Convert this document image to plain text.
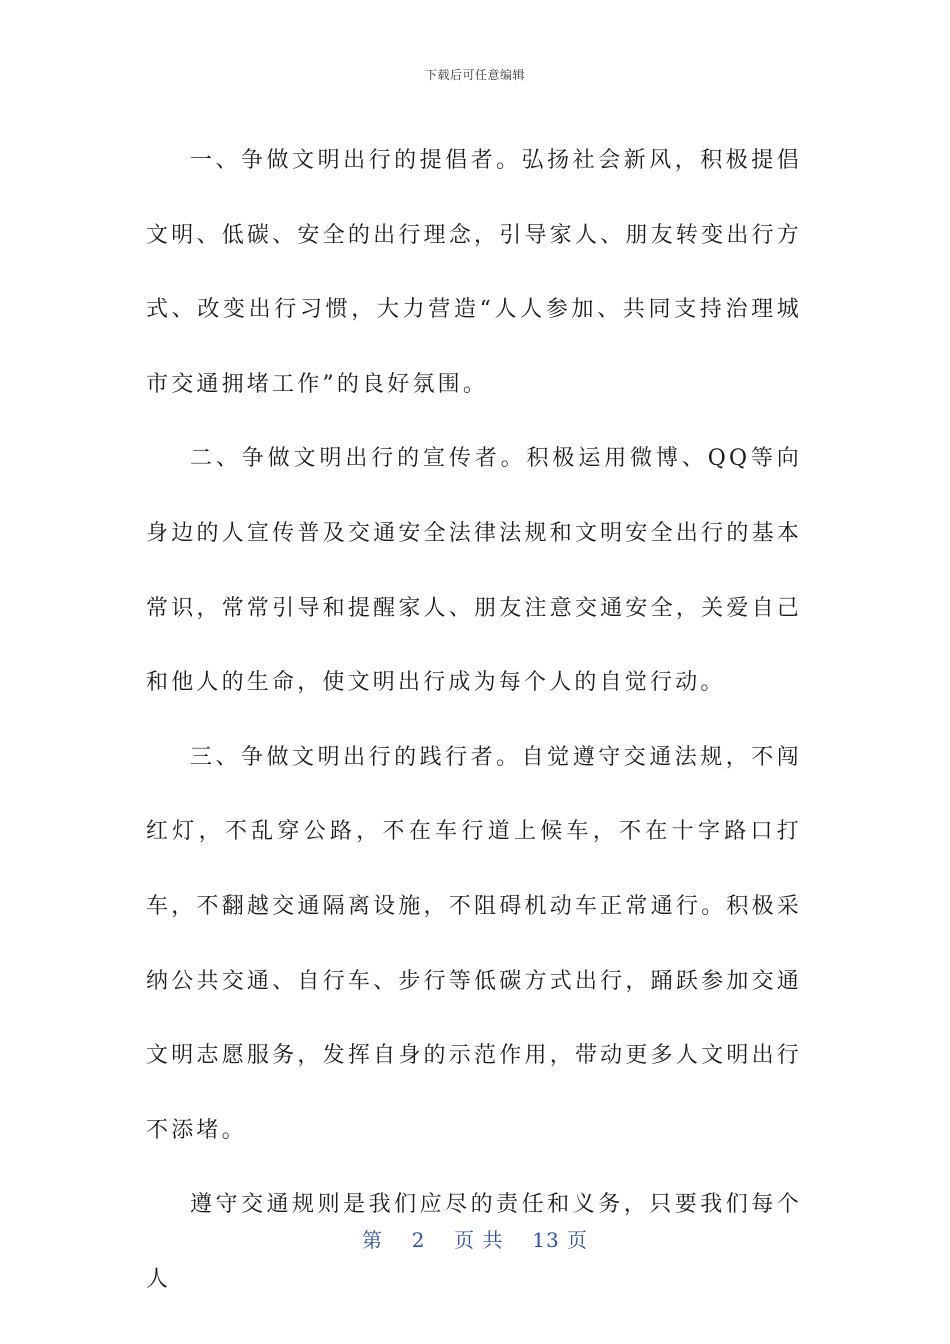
下载后可任意编辑

一、争做文明出行的提倡者。弘扬社会新风，积极提倡文明、低碳、安全的出行理念，引导家人、朋友转变出行方式、改变出行习惯，大力营造“人人参加、共同支持治理城市交通拥堵工作”的良好氛围。

二、争做文明出行的宣传者。积极运用微博、QQ等向身边的人宣传普及交通安全法律法规和文明安全出行的基本常识，常常引导和提醒家人、朋友注意交通安全，关爱自己和他人的生命，使文明出行成为每个人的自觉行动。

三、争做文明出行的践行者。自觉遵守交通法规，不闯红灯，不乱穿公路，不在车行道上候车，不在十字路口打车，不翻越交通隔离设施，不阻碍机动车正常通行。积极采纳公共交通、自行车、步行等低碳方式出行，踊跃参加交通文明志愿服务，发挥自身的示范作用，带动更多人文明出行不添堵。

遵守交通规则是我们应尽的责任和义务，只要我们每个人

第 2 页 共 13 页
